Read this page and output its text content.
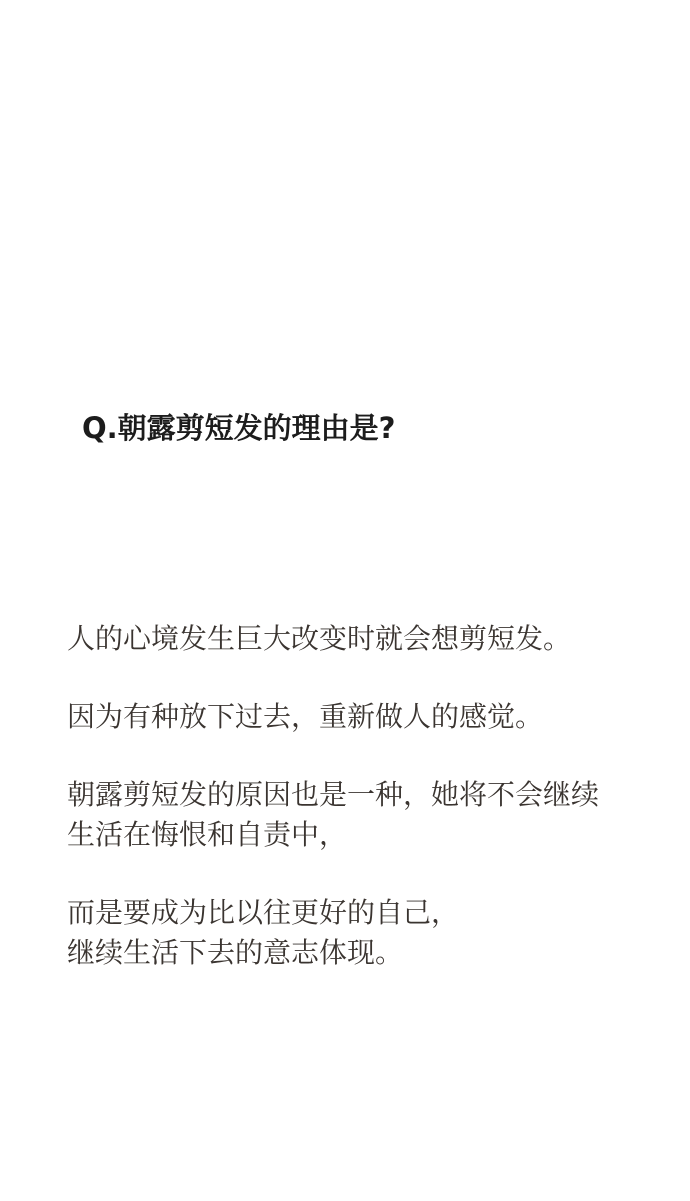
Q.朝露剪短发的理由是?

人的心境发生巨大改变时就会想剪短发。

因为有种放下过去，重新做人的感觉。

朝露剪短发的原因也是一种，她将不会继续
生活在悔恨和自责中，

而是要成为比以往更好的自己，
继续生活下去的意志体现。
